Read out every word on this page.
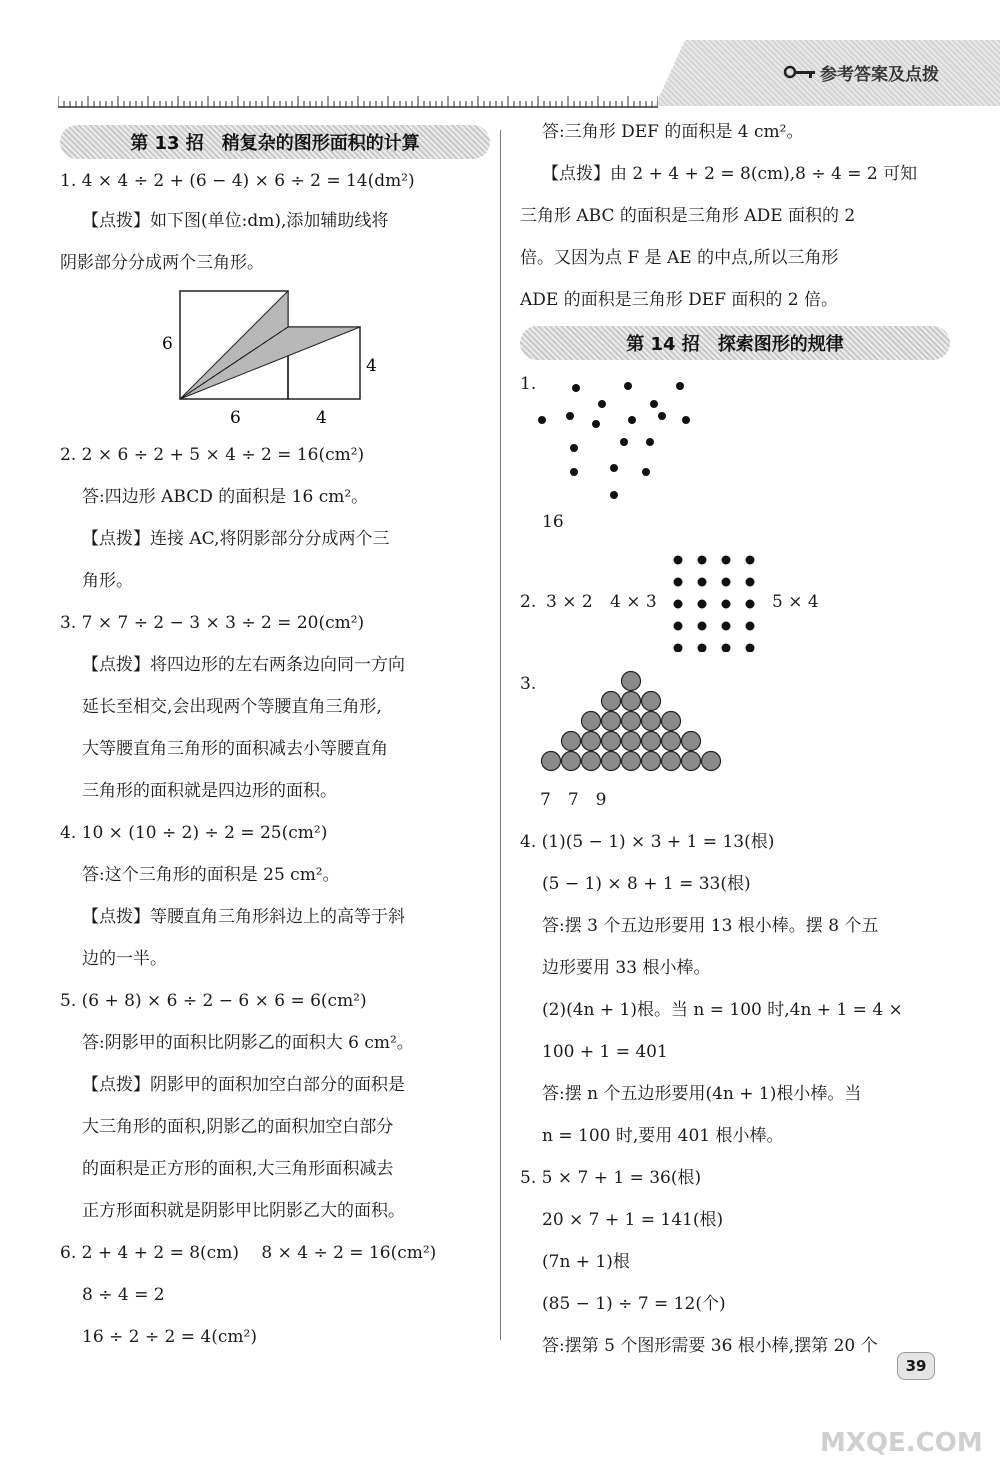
参考答案及点拨
第 13 招　稍复杂的图形面积的计算

1. 4 × 4 ÷ 2 + (6 − 4) × 6 ÷ 2 = 14(dm²)

【点拨】如下图(单位:dm),添加辅助线将

阴影部分分成两个三角形。

6
4
6	4

2. 2 × 6 ÷ 2 + 5 × 4 ÷ 2 = 16(cm²)

答:四边形 ABCD 的面积是 16 cm²。

【点拨】连接 AC,将阴影部分分成两个三

角形。

3. 7 × 7 ÷ 2 − 3 × 3 ÷ 2 = 20(cm²)

【点拨】将四边形的左右两条边向同一方向

延长至相交,会出现两个等腰直角三角形,

大等腰直角三角形的面积减去小等腰直角

三角形的面积就是四边形的面积。

4. 10 × (10 ÷ 2) ÷ 2 = 25(cm²)

答:这个三角形的面积是 25 cm²。

【点拨】等腰直角三角形斜边上的高等于斜

边的一半。

5. (6 + 8) × 6 ÷ 2 − 6 × 6 = 6(cm²)

答:阴影甲的面积比阴影乙的面积大 6 cm²。

【点拨】阴影甲的面积加空白部分的面积是

大三角形的面积,阴影乙的面积加空白部分

的面积是正方形的面积,大三角形面积减去

正方形面积就是阴影甲比阴影乙大的面积。

6. 2 + 4 + 2 = 8(cm)　 8 × 4 ÷ 2 = 16(cm²)

8 ÷ 4 = 2

16 ÷ 2 ÷ 2 = 4(cm²)

答:三角形 DEF 的面积是 4 cm²。

【点拨】由 2 + 4 + 2 = 8(cm),8 ÷ 4 = 2 可知

三角形 ABC 的面积是三角形 ADE 面积的 2

倍。又因为点 F 是 AE 的中点,所以三角形

ADE 的面积是三角形 DEF 面积的 2 倍。

第 14 招　探索图形的规律
1.

16

2. 3 × 2 4 × 3	5 × 4
3.

7　7　9

4. (1)(5 − 1) × 3 + 1 = 13(根)

(5 − 1) × 8 + 1 = 33(根)

答:摆 3 个五边形要用 13 根小棒。摆 8 个五

边形要用 33 根小棒。

(2)(4n + 1)根。当 n = 100 时,4n + 1 = 4 ×

100 + 1 = 401

答:摆 n 个五边形要用(4n + 1)根小棒。当

n = 100 时,要用 401 根小棒。

5. 5 × 7 + 1 = 36(根)

20 × 7 + 1 = 141(根)

(7n + 1)根

(85 − 1) ÷ 7 = 12(个)

答:摆第 5 个图形需要 36 根小棒,摆第 20 个

39
MXQE.COM
